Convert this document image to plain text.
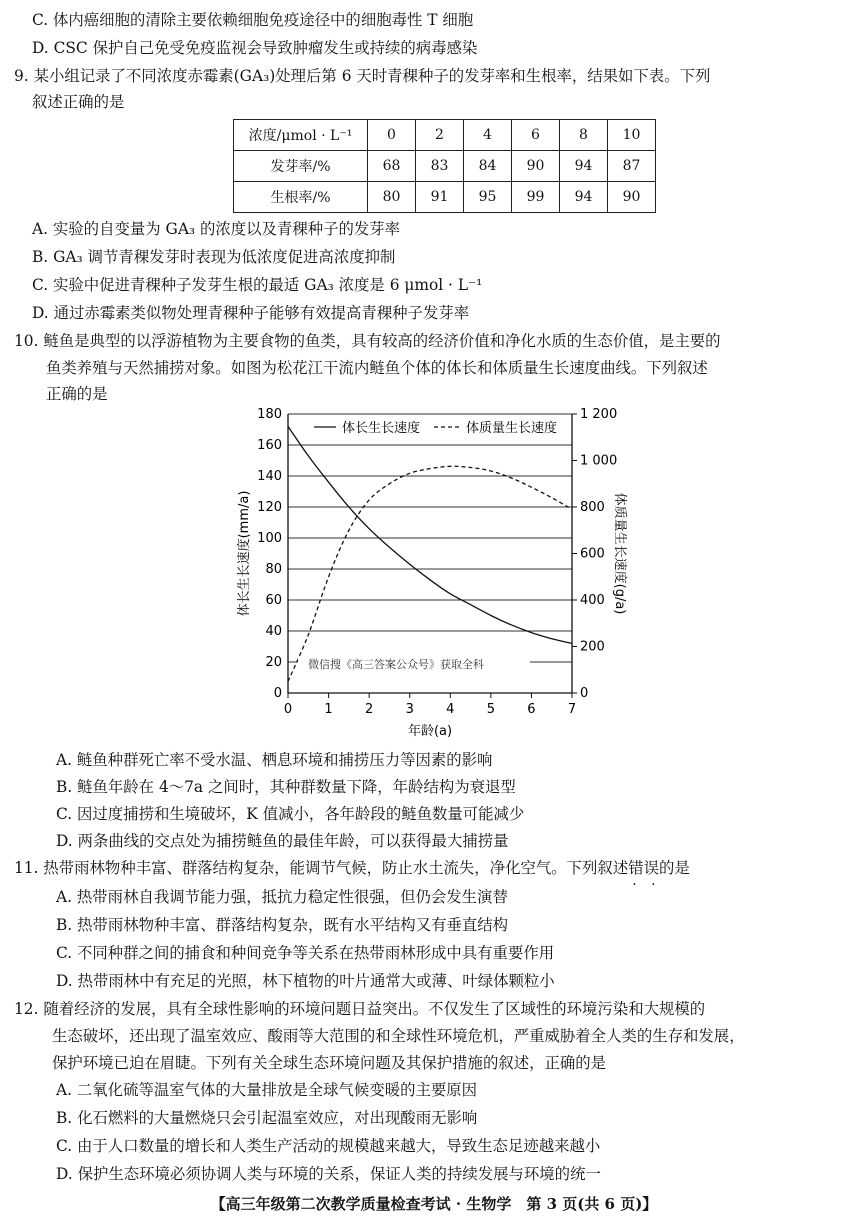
C. 体内癌细胞的清除主要依赖细胞免疫途径中的细胞毒性 T 细胞
D. CSC 保护自己免受免疫监视会导致肿瘤发生或持续的病毒感染
9. 某小组记录了不同浓度赤霉素(GA₃)处理后第 6 天时青稞种子的发芽率和生根率，结果如下表。下列
叙述正确的是
浓度/μmol · L⁻¹	0	2	4	6	8	10
发芽率/%	68	83	84	90	94	87
生根率/%	80	91	95	99	94	90
A. 实验的自变量为 GA₃ 的浓度以及青稞种子的发芽率
B. GA₃ 调节青稞发芽时表现为低浓度促进高浓度抑制
C. 实验中促进青稞种子发芽生根的最适 GA₃ 浓度是 6 μmol · L⁻¹
D. 通过赤霉素类似物处理青稞种子能够有效提高青稞种子发芽率
10. 鲢鱼是典型的以浮游植物为主要食物的鱼类，具有较高的经济价值和净化水质的生态价值，是主要的
鱼类养殖与天然捕捞对象。如图为松花江干流内鲢鱼个体的体长和体质量生长速度曲线。下列叙述
正确的是
0 1 2 3 4 5 6 7
0
20
40
60
80
100
120
140
160
180
0
200
400
600
800
1 000
1 200
年龄(a)
体长生长速度(mm/a)	体质量生长速度(g/a)
体长生长速度	体质量生长速度
微信搜《高三答案公众号》获取全科
A. 鲢鱼种群死亡率不受水温、栖息环境和捕捞压力等因素的影响
B. 鲢鱼年龄在 4～7a 之间时，其种群数量下降，年龄结构为衰退型
C. 因过度捕捞和生境破坏，K 值减小，各年龄段的鲢鱼数量可能减少
D. 两条曲线的交点处为捕捞鲢鱼的最佳年龄，可以获得最大捕捞量
11. 热带雨林物种丰富、群落结构复杂，能调节气候，防止水土流失，净化空气。下列叙述错误 · ·的是
A. 热带雨林自我调节能力强，抵抗力稳定性很强，但仍会发生演替
B. 热带雨林物种丰富、群落结构复杂，既有水平结构又有垂直结构
C. 不同种群之间的捕食和种间竞争等关系在热带雨林形成中具有重要作用
D. 热带雨林中有充足的光照，林下植物的叶片通常大或薄、叶绿体颗粒小
12. 随着经济的发展，具有全球性影响的环境问题日益突出。不仅发生了区域性的环境污染和大规模的
生态破坏，还出现了温室效应、酸雨等大范围的和全球性环境危机，严重威胁着全人类的生存和发展，
保护环境已迫在眉睫。下列有关全球生态环境问题及其保护措施的叙述，正确的是
A. 二氧化硫等温室气体的大量排放是全球气候变暖的主要原因
B. 化石燃料的大量燃烧只会引起温室效应，对出现酸雨无影响
C. 由于人口数量的增长和人类生产活动的规模越来越大，导致生态足迹越来越小
D. 保护生态环境必须协调人类与环境的关系，保证人类的持续发展与环境的统一
【高三年级第二次教学质量检查考试 · 生物学　第 3 页(共 6 页)】
